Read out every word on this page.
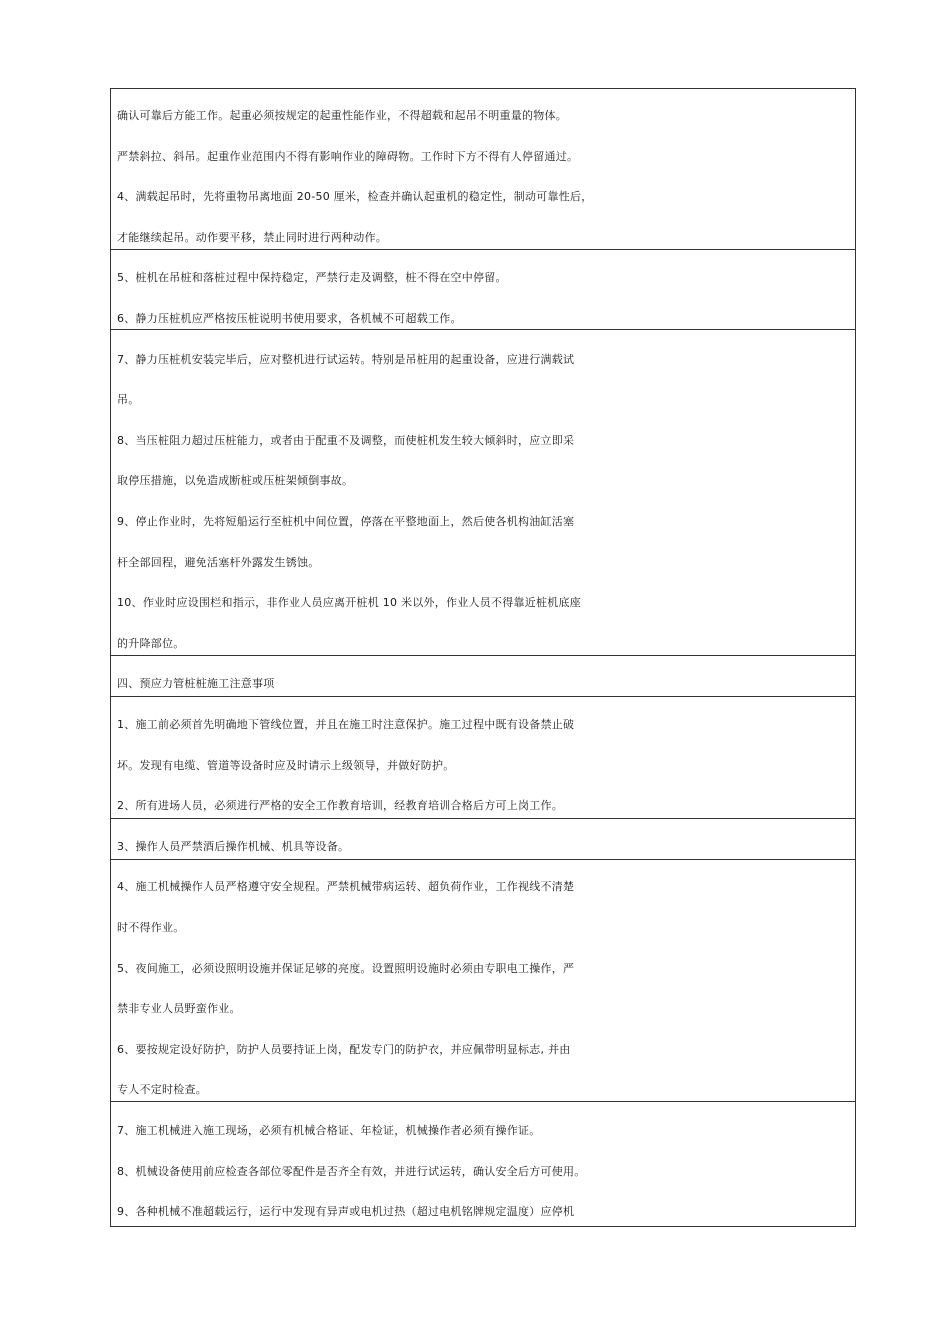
确认可靠后方能工作。起重必须按规定的起重性能作业，不得超载和起吊不明重量的物体。
严禁斜拉、斜吊。起重作业范围内不得有影响作业的障碍物。工作时下方不得有人停留通过。
4、满载起吊时，先将重物吊离地面 20-50 厘米，检查并确认起重机的稳定性，制动可靠性后，
才能继续起吊。动作要平移，禁止同时进行两种动作。
5、桩机在吊桩和落桩过程中保持稳定，严禁行走及调整，桩不得在空中停留。
6、静力压桩机应严格按压桩说明书使用要求，各机械不可超载工作。
7、静力压桩机安装完毕后，应对整机进行试运转。特别是吊桩用的起重设备，应进行满载试
吊。
8、当压桩阻力超过压桩能力，或者由于配重不及调整，而使桩机发生较大倾斜时，应立即采
取停压措施，以免造成断桩或压桩架倾倒事故。
9、停止作业时，先将短船运行至桩机中间位置，停落在平整地面上，然后使各机构油缸活塞
杆全部回程，避免活塞杆外露发生锈蚀。
10、作业时应设围栏和指示，非作业人员应离开桩机 10 米以外，作业人员不得靠近桩机底座
的升降部位。
四、预应力管桩桩施工注意事项
1、施工前必须首先明确地下管线位置，并且在施工时注意保护。施工过程中既有设备禁止破
坏。发现有电缆、管道等设备时应及时请示上级领导，并做好防护。
2、所有进场人员，必须进行严格的安全工作教育培训，经教育培训合格后方可上岗工作。
3、操作人员严禁酒后操作机械、机具等设备。
4、施工机械操作人员严格遵守安全规程。严禁机械带病运转、超负荷作业，工作视线不清楚
时不得作业。
5、夜间施工，必须设照明设施并保证足够的亮度。设置照明设施时必须由专职电工操作，严
禁非专业人员野蛮作业。
6、要按规定设好防护，防护人员要持证上岗，配发专门的防护衣，并应佩带明显标志, 并由
专人不定时检查。
7、施工机械进入施工现场，必须有机械合格证、年检证，机械操作者必须有操作证。
8、机械设备使用前应检查各部位零配件是否齐全有效，并进行试运转，确认安全后方可使用。
9、各种机械不准超载运行，运行中发现有异声或电机过热（超过电机铭牌规定温度）应停机
